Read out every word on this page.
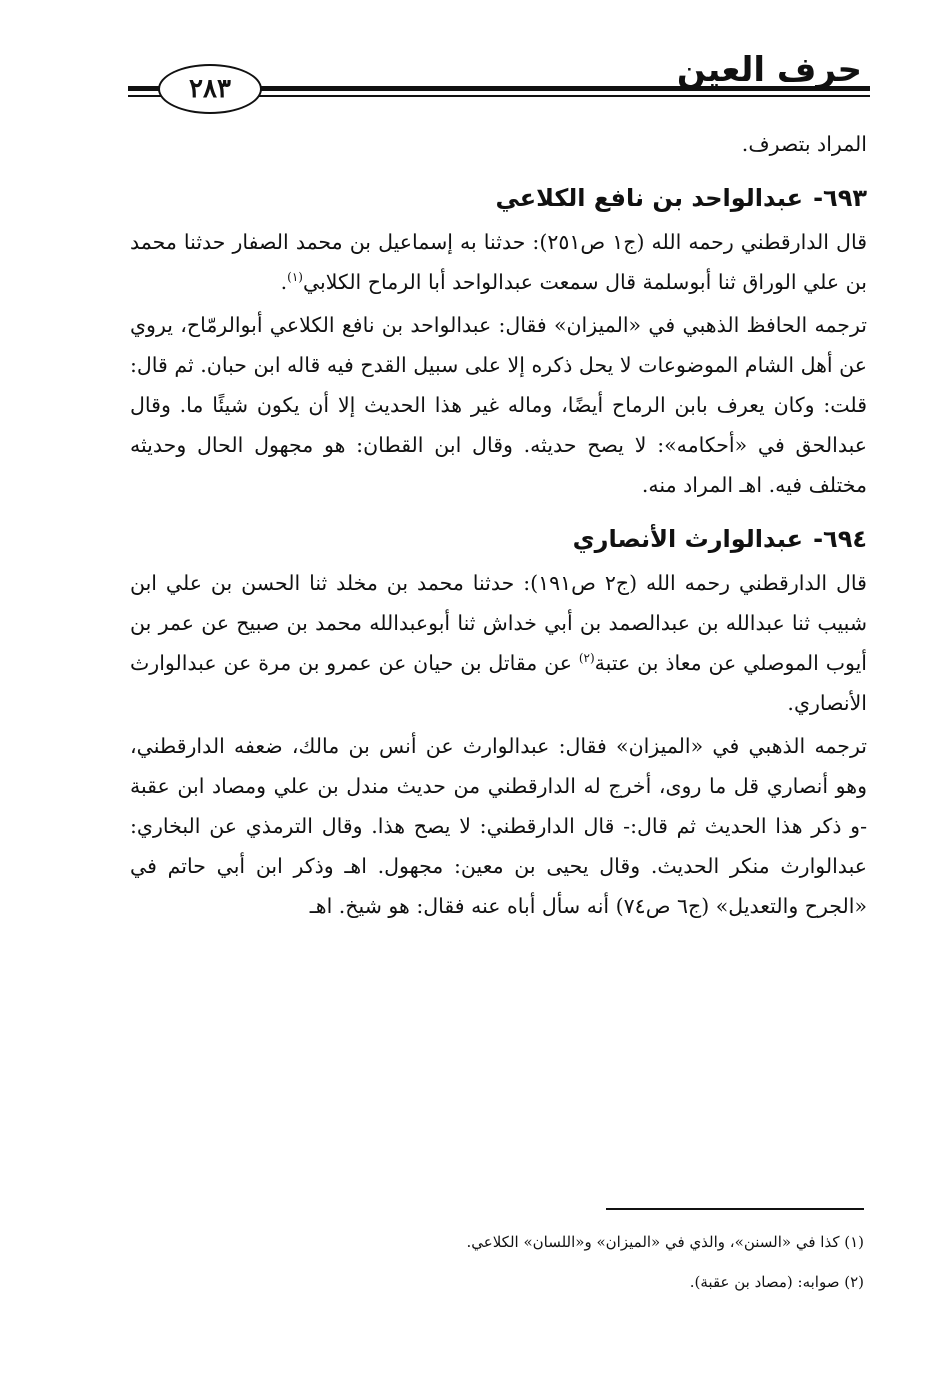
حرف العين
٢٨٣

المراد بتصرف.

٦٩٣-عبدالواحد بن نافع الكلاعي

قال الدارقطني رحمه الله (ج١ ص٢٥١): حدثنا به إسماعيل بن محمد الصفار حدثنا محمد بن علي الوراق ثنا أبوسلمة قال سمعت عبدالواحد أبا الرماح الكلابي$^{(١)}$.

ترجمه الحافظ الذهبي في «الميزان» فقال: عبدالواحد بن نافع الكلاعي أبوالرمّاح، يروي عن أهل الشام الموضوعات لا يحل ذكره إلا على سبيل القدح فيه قاله ابن حبان. ثم قال: قلت: وكان يعرف بابن الرماح أيضًا، وماله غير هذا الحديث إلا أن يكون شيئًا ما. وقال عبدالحق في «أحكامه»: لا يصح حديثه. وقال ابن القطان: هو مجهول الحال وحديثه مختلف فيه. اهـ المراد منه.

٦٩٤-عبدالوارث الأنصاري

قال الدارقطني رحمه الله (ج٢ ص١٩١): حدثنا محمد بن مخلد ثنا الحسن بن علي ابن شبيب ثنا عبدالله بن عبدالصمد بن أبي خداش ثنا أبوعبدالله محمد بن صبيح عن عمر بن أيوب الموصلي عن معاذ بن عتبة$^{(٢)}$ عن مقاتل بن حيان عن عمرو بن مرة عن عبدالوارث الأنصاري.

ترجمه الذهبي في «الميزان» فقال: عبدالوارث عن أنس بن مالك، ضعفه الدارقطني، وهو أنصاري قل ما روى، أخرج له الدارقطني من حديث مندل بن علي ومصاد ابن عقبة -و ذكر هذا الحديث ثم قال:- قال الدارقطني: لا يصح هذا. وقال الترمذي عن البخاري: عبدالوارث منكر الحديث. وقال يحيى بن معين: مجهول. اهـ وذكر ابن أبي حاتم في «الجرح والتعديل» (ج٦ ص٧٤) أنه سأل أباه عنه فقال: هو شيخ. اهـ

(١) كذا في «السنن»، والذي في «الميزان» و«اللسان» الكلاعي.

(٢) صوابه: (مصاد بن عقبة).
